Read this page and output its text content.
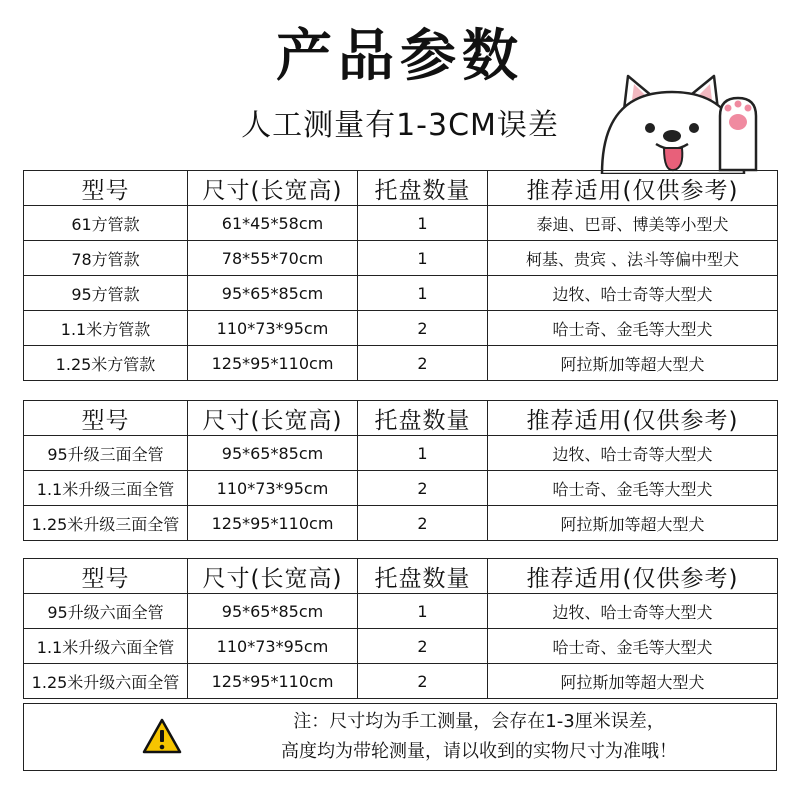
产品参数
人工测量有1-3CM误差
型号	尺寸(长宽高)	托盘数量	推荐适用(仅供参考)
61方管款	61*45*58cm	1	泰迪、巴哥、博美等小型犬
78方管款	78*55*70cm	1	柯基、贵宾 、法斗等偏中型犬
95方管款	95*65*85cm	1	边牧、哈士奇等大型犬
1.1米方管款	110*73*95cm	2	哈士奇、金毛等大型犬
1.25米方管款	125*95*110cm	2	阿拉斯加等超大型犬
型号	尺寸(长宽高)	托盘数量	推荐适用(仅供参考)
95升级三面全管	95*65*85cm	1	边牧、哈士奇等大型犬
1.1米升级三面全管	110*73*95cm	2	哈士奇、金毛等大型犬
1.25米升级三面全管	125*95*110cm	2	阿拉斯加等超大型犬
型号	尺寸(长宽高)	托盘数量	推荐适用(仅供参考)
95升级六面全管	95*65*85cm	1	边牧、哈士奇等大型犬
1.1米升级六面全管	110*73*95cm	2	哈士奇、金毛等大型犬
1.25米升级六面全管	125*95*110cm	2	阿拉斯加等超大型犬
注：尺寸均为手工测量，会存在1-3厘米误差，
高度均为带轮测量，请以收到的实物尺寸为准哦！
